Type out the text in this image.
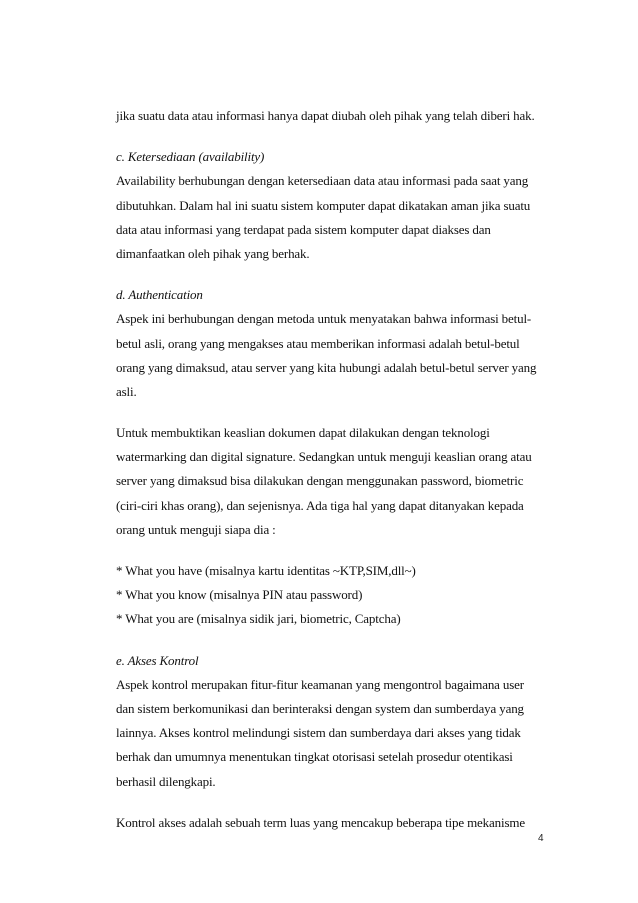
jika suatu data atau informasi hanya dapat diubah oleh pihak yang telah diberi hak.
c. Ketersediaan (availability)
Availability berhubungan dengan ketersediaan data atau informasi pada saat yang
dibutuhkan. Dalam hal ini suatu sistem komputer dapat dikatakan aman jika suatu
data atau informasi yang terdapat pada sistem komputer dapat diakses dan
dimanfaatkan oleh pihak yang berhak.
d. Authentication
Aspek ini berhubungan dengan metoda untuk menyatakan bahwa informasi betul-
betul asli, orang yang mengakses atau memberikan informasi adalah betul-betul
orang yang dimaksud, atau server yang kita hubungi adalah betul-betul server yang
asli.
Untuk membuktikan keaslian dokumen dapat dilakukan dengan teknologi
watermarking dan digital signature. Sedangkan untuk menguji keaslian orang atau
server yang dimaksud bisa dilakukan dengan menggunakan password, biometric
(ciri-ciri khas orang), dan sejenisnya. Ada tiga hal yang dapat ditanyakan kepada
orang untuk menguji siapa dia :
* What you have (misalnya kartu identitas ~KTP,SIM,dll~)
* What you know (misalnya PIN atau password)
* What you are (misalnya sidik jari, biometric, Captcha)
e. Akses Kontrol
Aspek kontrol merupakan fitur-fitur keamanan yang mengontrol bagaimana user
dan sistem berkomunikasi dan berinteraksi dengan system dan sumberdaya yang
lainnya. Akses kontrol melindungi sistem dan sumberdaya dari akses yang tidak
berhak dan umumnya menentukan tingkat otorisasi setelah prosedur otentikasi
berhasil dilengkapi.
Kontrol akses adalah sebuah term luas yang mencakup beberapa tipe mekanisme
4
